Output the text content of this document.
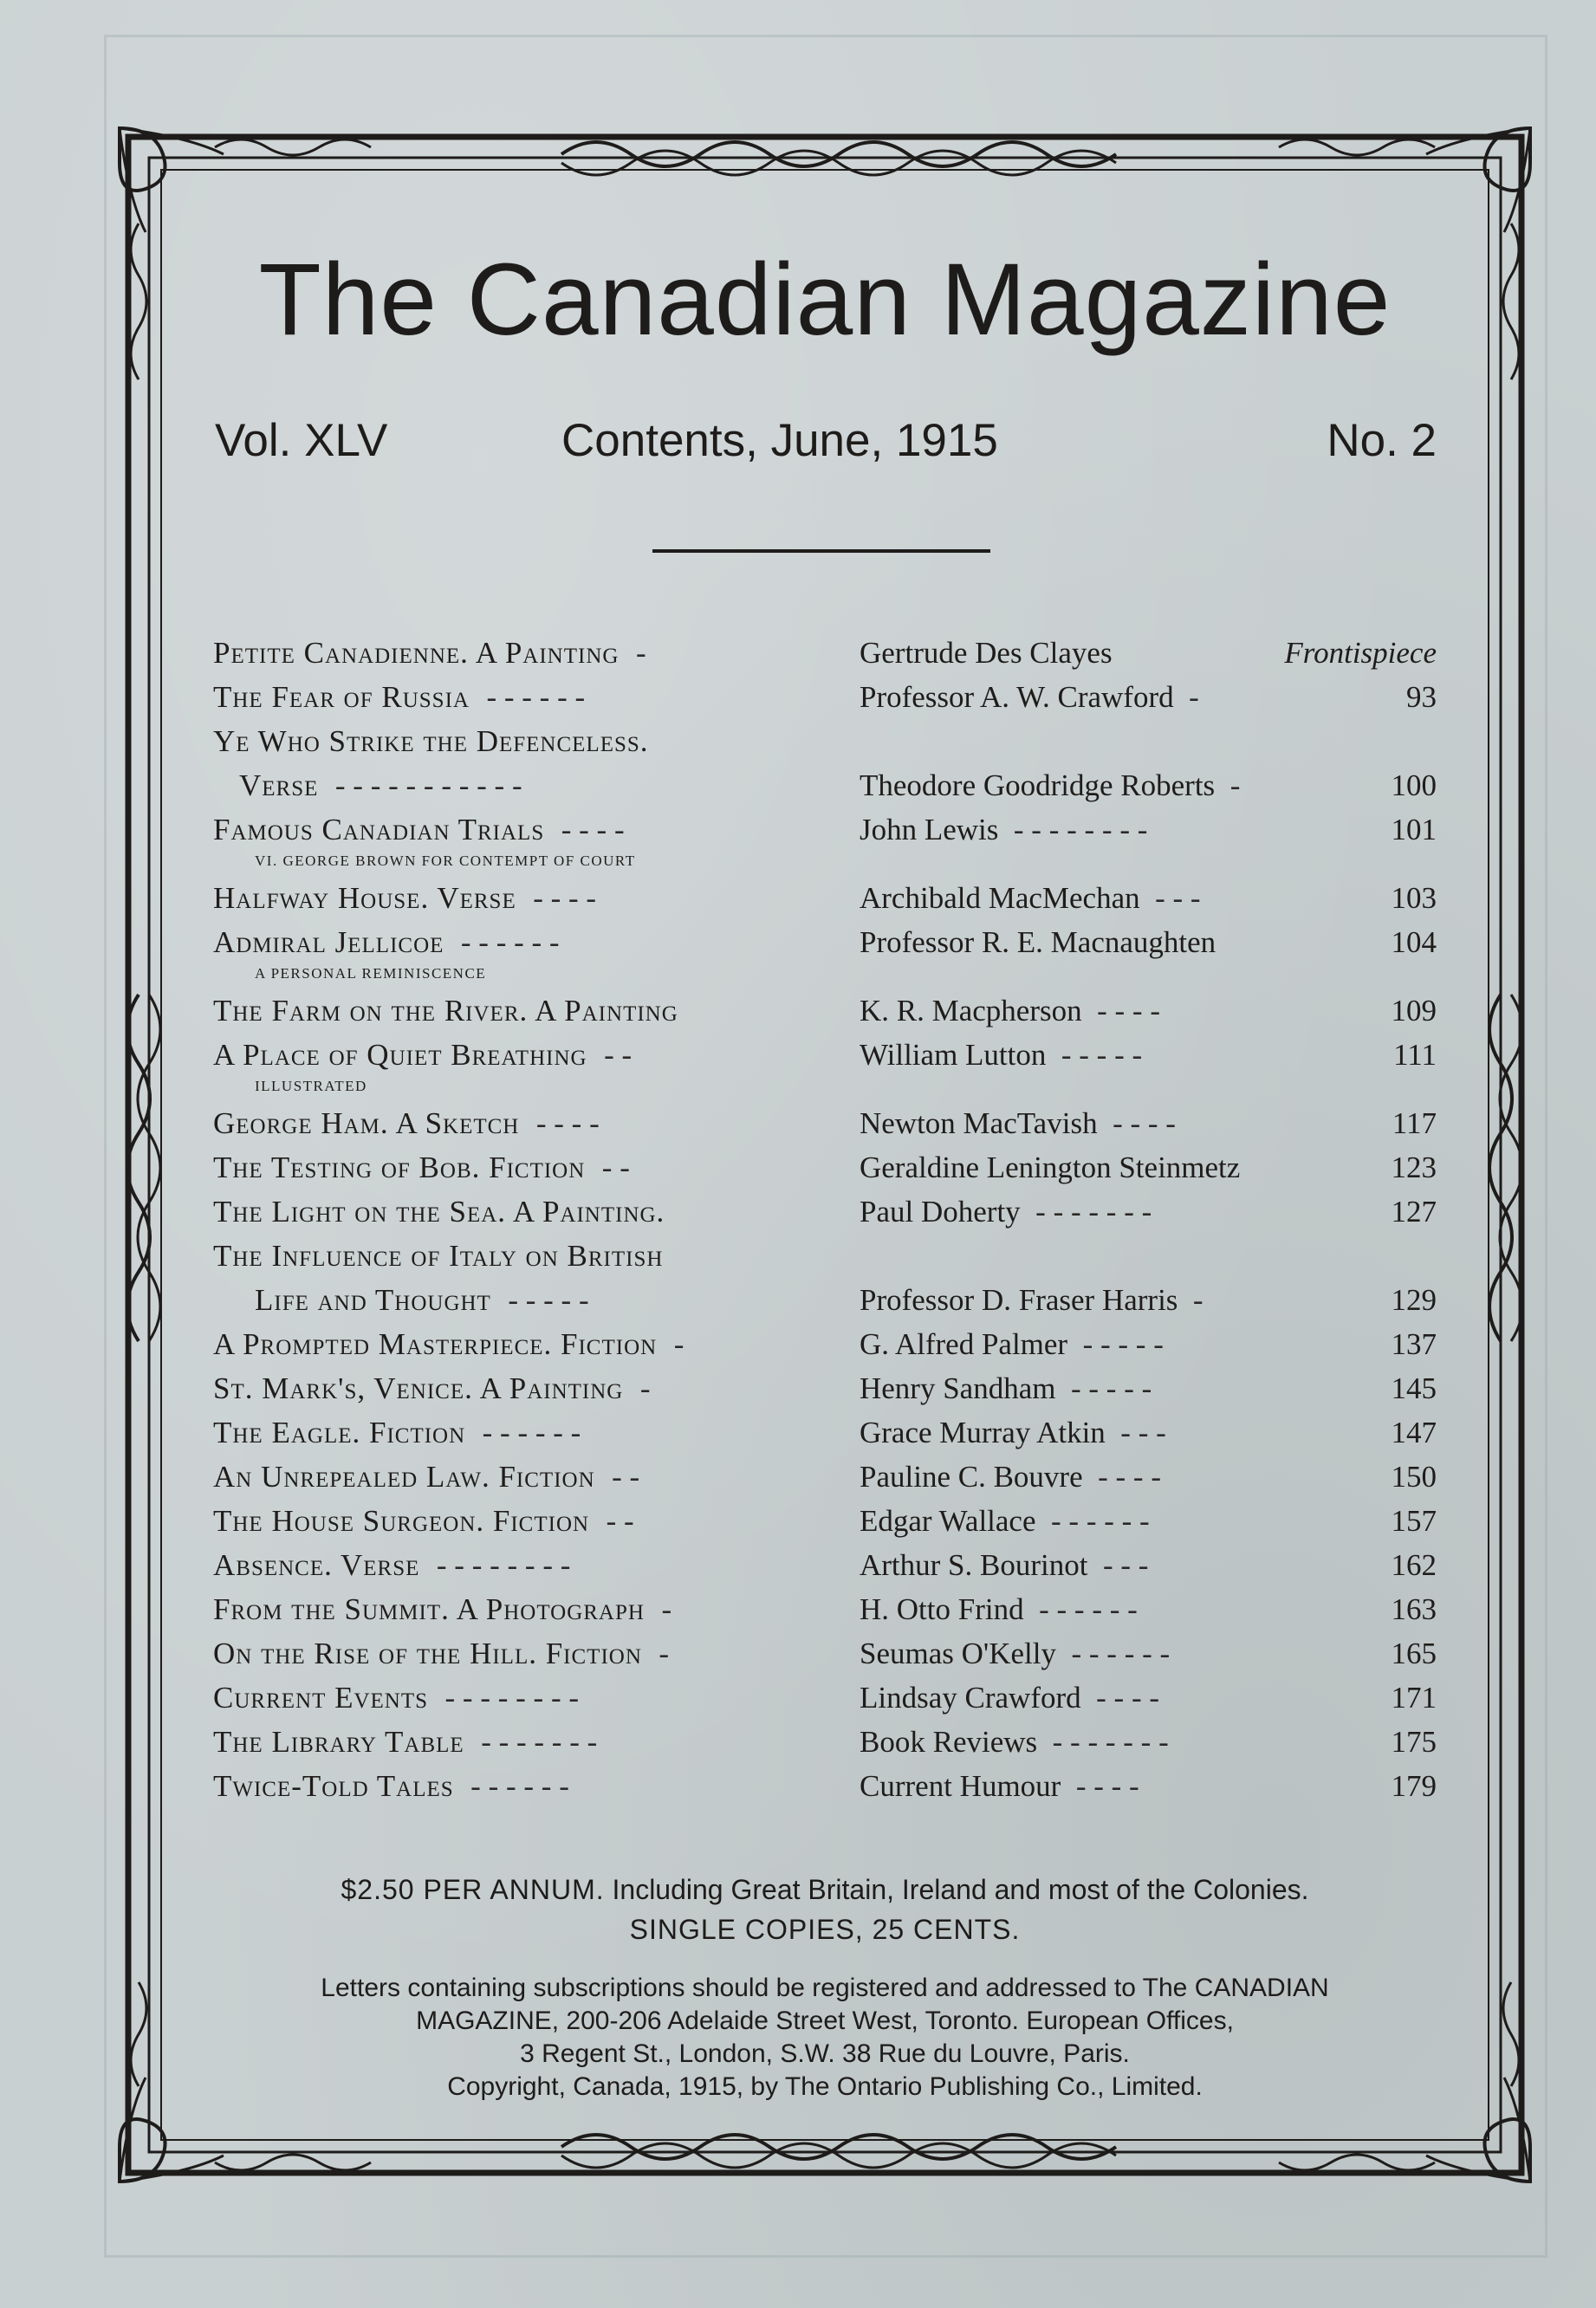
The Canadian Magazine
Vol. XLV	Contents, June, 1915	No. 2
Petite Canadienne. A Painting -	Gertrude Des Clayes	Frontispiece
The Fear of Russia - - - - - -	Professor A. W. Crawford -	93
Ye Who Strike the Defenceless.
Verse - - - - - - - - - - -	Theodore Goodridge Roberts -	100
Famous Canadian Trials - - - -	John Lewis - - - - - - - -	101
VI. GEORGE BROWN FOR CONTEMPT OF COURT
Halfway House. Verse - - - -	Archibald MacMechan - - -	103
Admiral Jellicoe - - - - - -	Professor R. E. Macnaughten	104
A PERSONAL REMINISCENCE
The Farm on the River. A Painting	K. R. Macpherson - - - -	109
A Place of Quiet Breathing - -	William Lutton - - - - -	111
ILLUSTRATED
George Ham. A Sketch - - - -	Newton MacTavish - - - -	117
The Testing of Bob. Fiction - -	Geraldine Lenington Steinmetz	123
The Light on the Sea. A Painting.	Paul Doherty - - - - - - -	127
The Influence of Italy on British
Life and Thought - - - - -	Professor D. Fraser Harris -	129
A Prompted Masterpiece. Fiction -	G. Alfred Palmer - - - - -	137
St. Mark's, Venice. A Painting -	Henry Sandham - - - - -	145
The Eagle. Fiction - - - - - -	Grace Murray Atkin - - -	147
An Unrepealed Law. Fiction - -	Pauline C. Bouvre - - - -	150
The House Surgeon. Fiction - -	Edgar Wallace - - - - - -	157
Absence. Verse - - - - - - - -	Arthur S. Bourinot - - -	162
From the Summit. A Photograph -	H. Otto Frind - - - - - -	163
On the Rise of the Hill. Fiction -	Seumas O'Kelly - - - - - -	165
Current Events - - - - - - - -	Lindsay Crawford - - - -	171
The Library Table - - - - - - -	Book Reviews - - - - - - -	175
Twice-Told Tales - - - - - -	Current Humour - - - -	179
$2.50 PER ANNUM. Including Great Britain, Ireland and most of the Colonies.
SINGLE COPIES, 25 CENTS.
Letters containing subscriptions should be registered and addressed to The CANADIAN
MAGAZINE, 200-206 Adelaide Street West, Toronto. European Offices,
3 Regent St., London, S.W. 38 Rue du Louvre, Paris.
Copyright, Canada, 1915, by The Ontario Publishing Co., Limited.
